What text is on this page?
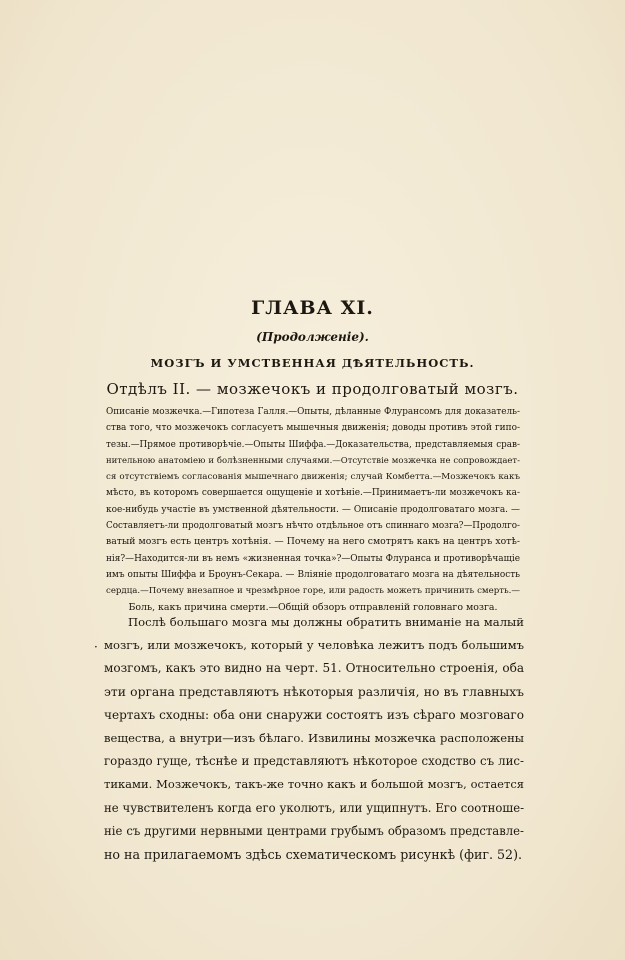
ГЛАВА XI.
(Продолженiе).
МОЗГЪ И УМСТВЕННАЯ ДѢЯТЕЛЬНОСТЬ.
Отдѣлъ II. — мозжечокъ и продолговатый мозгъ.
Описанiе мозжечка.—Гипотеза Галля.—Опыты, дѣланные Флурансомъ для доказатель-
ства того, что мозжечокъ согласуетъ мышечныя движенiя; доводы противъ этой гипо-
тезы.—Прямое противорѣчiе.—Опыты Шиффа.—Доказательства, представляемыя срав-
нительною анатомiею и болѣзненными случаями.—Отсутствiе мозжечка не сопровождает-
ся отсутствiемъ согласованiя мышечнаго движенiя; случай Комбетта.—Мозжечокъ какъ
мѣсто, въ которомъ совершается ощущенiе и хотѣнiе.—Принимаетъ-ли мозжечокъ ка-
кое-нибудь участiе въ умственной дѣятельности. — Описанiе продолговатаго мозга. —
Составляетъ-ли продолговатый мозгъ нѣчто отдѣльное отъ спиннаго мозга?—Продолго-
ватый мозгъ есть центръ хотѣнiя. — Почему на него смотрятъ какъ на центръ хотѣ-
нiя?—Находится-ли въ немъ «жизненная точка»?—Опыты Флуранса и противорѣчащiе
имъ опыты Шиффа и Броунъ-Секара. — Влiянiе продолговатаго мозга на дѣятельность
сердца.—Почему внезапное и чрезмѣрное горе, или радость можетъ причинить смерть.—
Боль, какъ причина смерти.—Общiй обзоръ отправленiй головнаго мозга.
·
Послѣ большаго мозга мы должны обратить вниманiе на малый
мозгъ, или мозжечокъ, который у человѣка лежитъ подъ большимъ
мозгомъ, какъ это видно на черт. 51. Относительно строенiя, оба
эти органа представляютъ нѣкоторыя различiя, но въ главныхъ
чертахъ сходны: оба они снаружи состоятъ изъ сѣраго мозговаго
вещества, а внутри—изъ бѣлаго. Извилины мозжечка расположены
гораздо гуще, тѣснѣе и представляютъ нѣкоторое сходство съ лис-
тиками. Мозжечокъ, такъ-же точно какъ и большой мозгъ, остается
не чувствителенъ когда его уколютъ, или ущипнутъ. Его соотноше-
нiе съ другими нервными центрами грубымъ образомъ представле-
но на прилагаемомъ здѣсь схематическомъ рисункѣ (фиг. 52).
